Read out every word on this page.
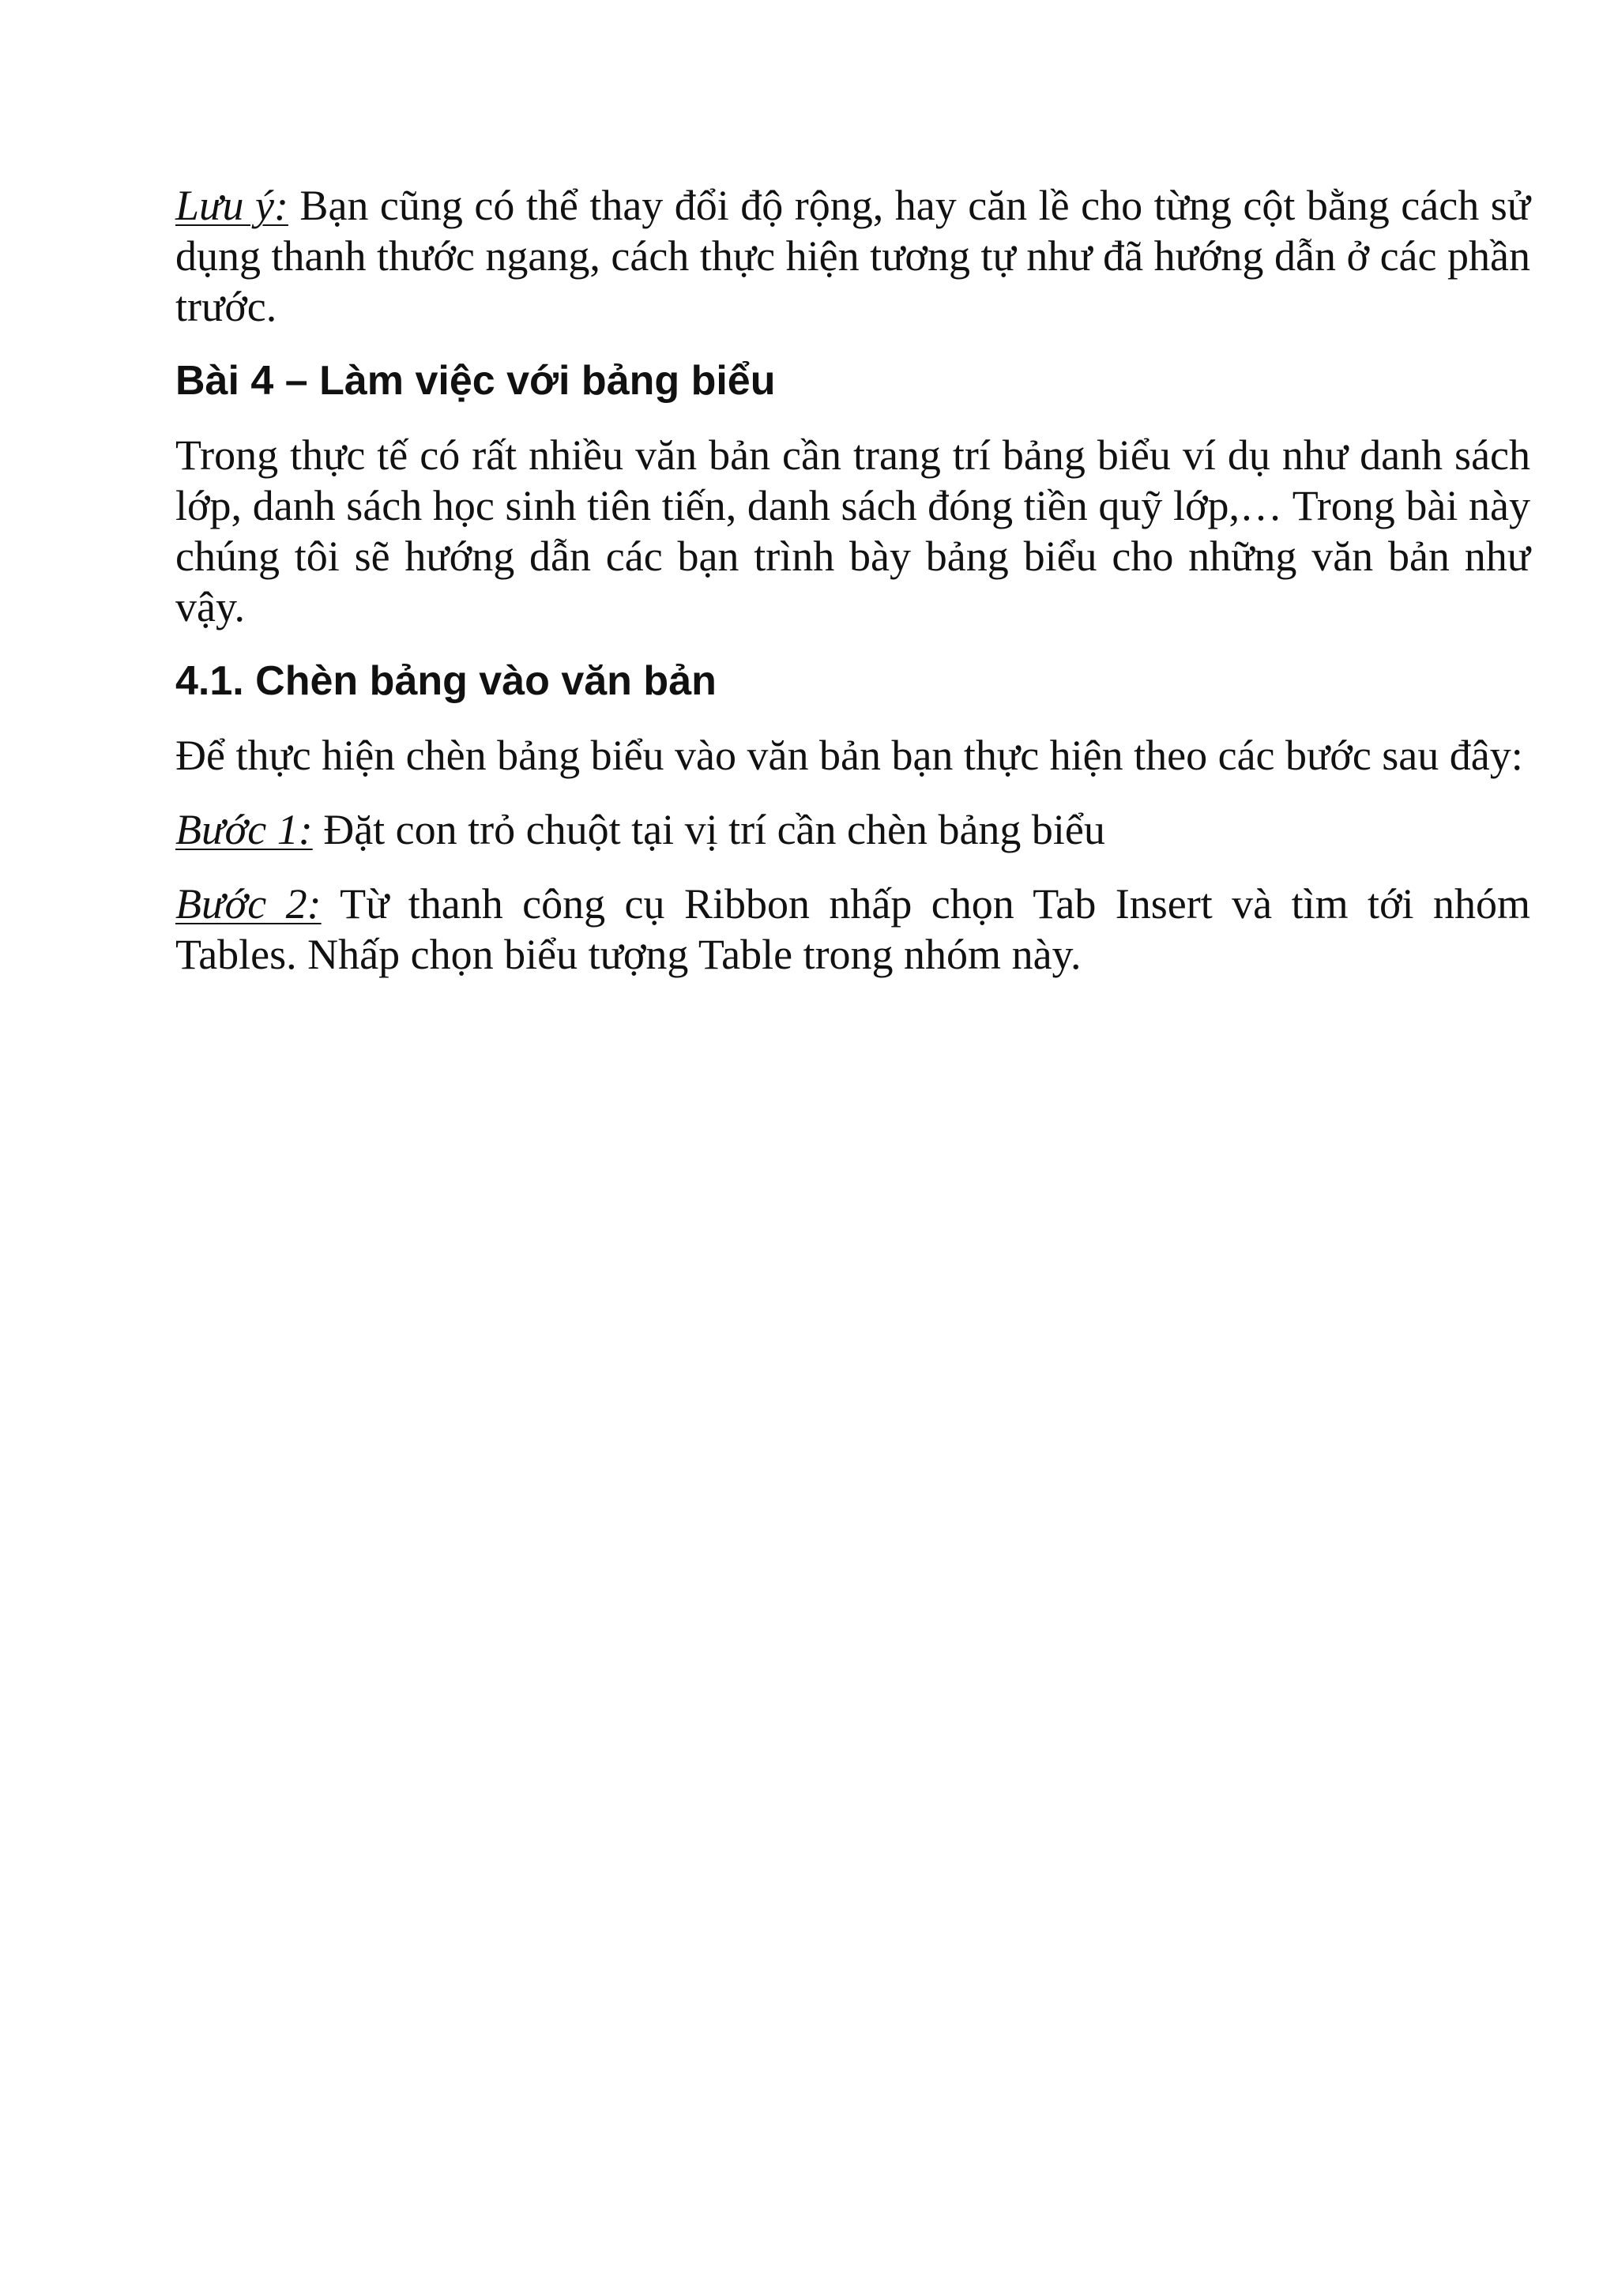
Lưu ý: Bạn cũng có thể thay đổi độ rộng, hay căn lề cho từng cột bằng cách sử dụng thanh thước ngang, cách thực hiện tương tự như đã hướng dẫn ở các phần trước.

Bài 4 – Làm việc với bảng biểu

Trong thực tế có rất nhiều văn bản cần trang trí bảng biểu ví dụ như danh sách lớp, danh sách học sinh tiên tiến, danh sách đóng tiền quỹ lớp,… Trong bài này chúng tôi sẽ hướng dẫn các bạn trình bày bảng biểu cho những văn bản như vậy.

4.1. Chèn bảng vào văn bản

Để thực hiện chèn bảng biểu vào văn bản bạn thực hiện theo các bước sau đây:

Bước 1: Đặt con trỏ chuột tại vị trí cần chèn bảng biểu

Bước 2: Từ thanh công cụ Ribbon nhấp chọn Tab Insert và tìm tới nhóm Tables. Nhấp chọn biểu tượng Table trong nhóm này.
